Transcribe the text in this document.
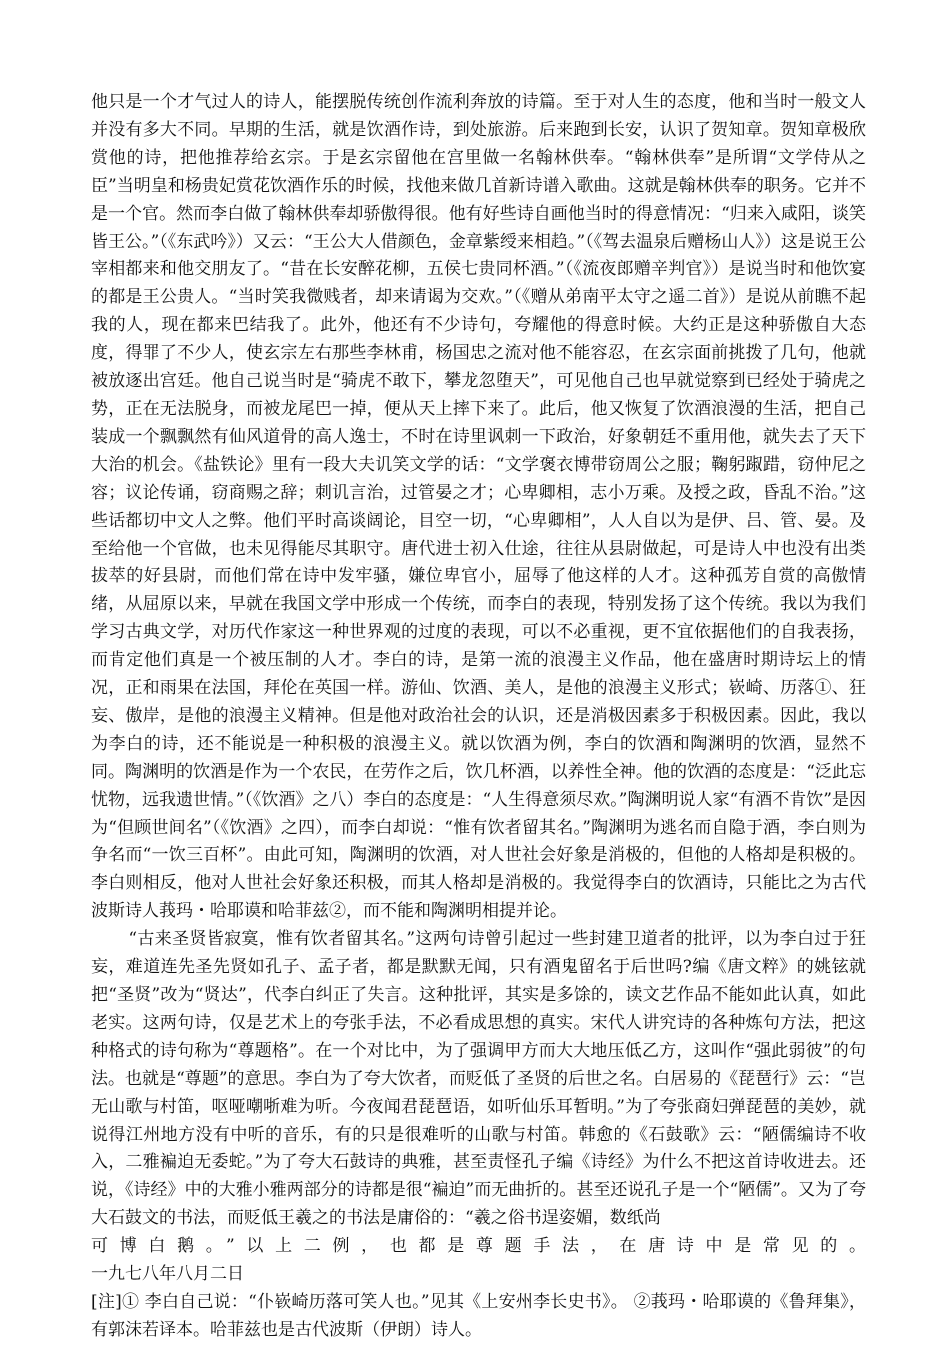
他只是一个才气过人的诗人，能摆脱传统创作流利奔放的诗篇。至于对人生的态度，他和当时一般文人并没有多大不同。早期的生活，就是饮酒作诗，到处旅游。后来跑到长安，认识了贺知章。贺知章极欣赏他的诗，把他推荐给玄宗。于是玄宗留他在宫里做一名翰林供奉。“翰林供奉”是所谓“文学侍从之臣”当明皇和杨贵妃赏花饮酒作乐的时候，找他来做几首新诗谱入歌曲。这就是翰林供奉的职务。它并不是一个官。然而李白做了翰林供奉却骄傲得很。他有好些诗自画他当时的得意情况：“归来入咸阳，谈笑皆王公。”（《东武吟》）又云：“王公大人借颜色，金章紫绶来相趋。”（《驾去温泉后赠杨山人》）这是说王公宰相都来和他交朋友了。“昔在长安醉花柳，五侯七贵同杯酒。”（《流夜郎赠辛判官》）是说当时和他饮宴的都是王公贵人。“当时笑我微贱者，却来请谒为交欢。”（《赠从弟南平太守之遥二首》）是说从前瞧不起我的人，现在都来巴结我了。此外，他还有不少诗句，夸耀他的得意时候。大约正是这种骄傲自大态度，得罪了不少人，使玄宗左右那些李林甫，杨国忠之流对他不能容忍，在玄宗面前挑拨了几句，他就被放逐出宫廷。他自己说当时是“骑虎不敢下，攀龙忽堕天”，可见他自己也早就觉察到已经处于骑虎之势，正在无法脱身，而被龙尾巴一掉，便从天上摔下来了。此后，他又恢复了饮酒浪漫的生活，把自己装成一个飘飘然有仙风道骨的高人逸士，不时在诗里讽刺一下政治，好象朝廷不重用他，就失去了天下大治的机会。《盐铁论》里有一段大夫讥笑文学的话：“文学褒衣博带窃周公之服；鞠躬踧踖，窃仲尼之容；议论传诵，窃商赐之辞；刺讥言治，过管晏之才；心卑卿相，志小万乘。及授之政，昏乱不治。”这些话都切中文人之弊。他们平时高谈阔论，目空一切，“心卑卿相”，人人自以为是伊、吕、管、晏。及至给他一个官做，也未见得能尽其职守。唐代进士初入仕途，往往从县尉做起，可是诗人中也没有出类拔萃的好县尉，而他们常在诗中发牢骚，嫌位卑官小，屈辱了他这样的人才。这种孤芳自赏的高傲情绪，从屈原以来，早就在我国文学中形成一个传统，而李白的表现，特别发扬了这个传统。我以为我们学习古典文学，对历代作家这一种世界观的过度的表现，可以不必重视，更不宜依据他们的自我表扬，而肯定他们真是一个被压制的人才。李白的诗，是第一流的浪漫主义作品，他在盛唐时期诗坛上的情况，正和雨果在法国，拜伦在英国一样。游仙、饮酒、美人，是他的浪漫主义形式；嵚崎、历落①、狂妄、傲岸，是他的浪漫主义精神。但是他对政治社会的认识，还是消极因素多于积极因素。因此，我以为李白的诗，还不能说是一种积极的浪漫主义。就以饮酒为例，李白的饮酒和陶渊明的饮酒，显然不同。陶渊明的饮酒是作为一个农民，在劳作之后，饮几杯酒，以养性全神。他的饮酒的态度是：“泛此忘忧物，远我遗世情。”（《饮酒》之八）李白的态度是：“人生得意须尽欢。”陶渊明说人家“有酒不肯饮”是因为“但顾世间名”（《饮酒》之四），而李白却说：“惟有饮者留其名。”陶渊明为逃名而自隐于酒，李白则为争名而“一饮三百杯”。由此可知，陶渊明的饮酒，对人世社会好象是消极的，但他的人格却是积极的。李白则相反，他对人世社会好象还积极，而其人格却是消极的。我觉得李白的饮酒诗，只能比之为古代波斯诗人莪玛・哈耶谟和哈菲兹②，而不能和陶渊明相提并论。

“古来圣贤皆寂寞，惟有饮者留其名。”这两句诗曾引起过一些封建卫道者的批评，以为李白过于狂妄，难道连先圣先贤如孔子、孟子者，都是默默无闻，只有酒鬼留名于后世吗?编《唐文粹》的姚铉就把“圣贤”改为“贤达”，代李白纠正了失言。这种批评，其实是多馀的，读文艺作品不能如此认真，如此老实。这两句诗，仅是艺术上的夸张手法，不必看成思想的真实。宋代人讲究诗的各种炼句方法，把这种格式的诗句称为“尊题格”。在一个对比中，为了强调甲方而大大地压低乙方，这叫作“强此弱彼”的句法。也就是“尊题”的意思。李白为了夸大饮者，而贬低了圣贤的后世之名。白居易的《琵琶行》云：“岂无山歌与村笛，呕哑嘲哳难为听。今夜闻君琵琶语，如听仙乐耳暂明。”为了夸张商妇弹琵琶的美妙，就说得江州地方没有中听的音乐，有的只是很难听的山歌与村笛。韩愈的《石鼓歌》云：“陋儒编诗不收入，二雅褊迫无委蛇。”为了夸大石鼓诗的典雅，甚至责怪孔子编《诗经》为什么不把这首诗收进去。还说，《诗经》中的大雅小雅两部分的诗都是很“褊迫”而无曲折的。甚至还说孔子是一个“陋儒”。又为了夸大石鼓文的书法，而贬低王羲之的书法是庸俗的：“羲之俗书逞姿媚，数纸尚

可博白鹅。”以上二例，也都是尊题手法，在唐诗中是常见的。

一九七八年八月二日

[注]① 李白自己说：“仆嵚崎历落可笑人也。”见其《上安州李长史书》。 ②莪玛・哈耶谟的《鲁拜集》，有郭沫若译本。哈菲兹也是古代波斯（伊朗）诗人。
